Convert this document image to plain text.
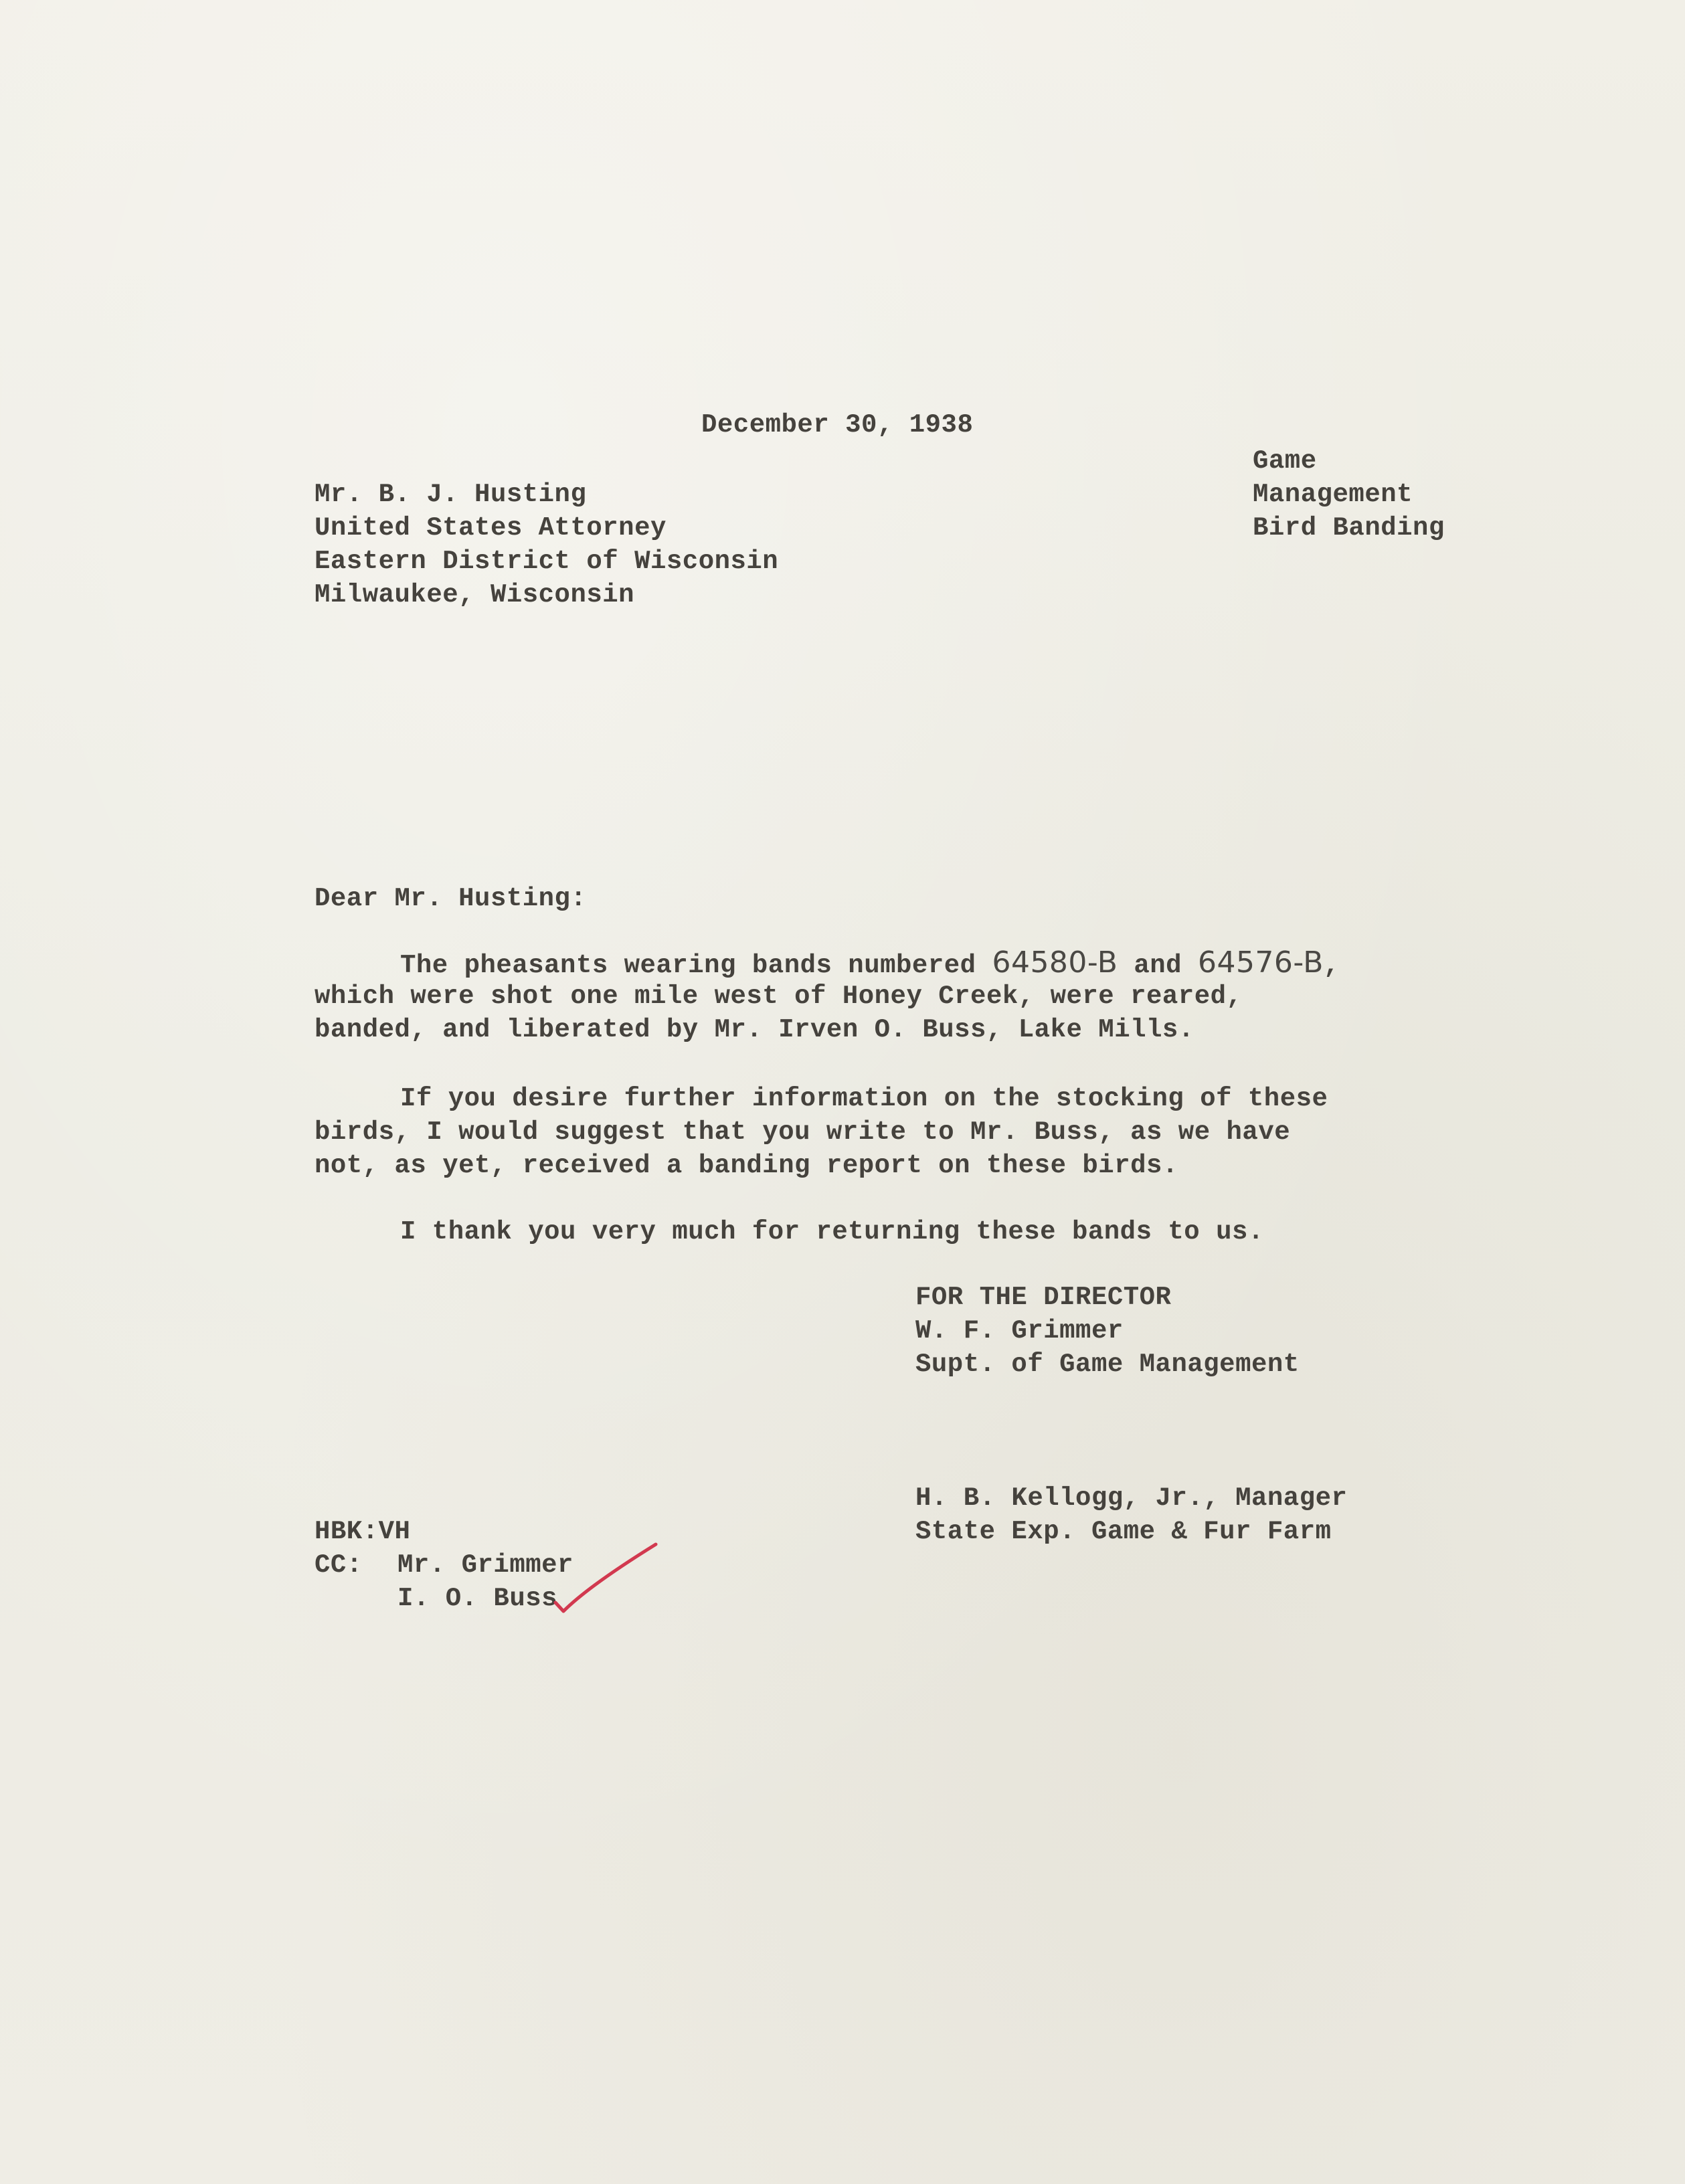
December 30, 1938
Game
Management
Bird Banding
Mr. B. J. Husting
United States Attorney
Eastern District of Wisconsin
Milwaukee, Wisconsin
Dear Mr. Husting:
The pheasants wearing bands numbered 64580-B and 64576-B,
which were shot one mile west of Honey Creek, were reared,
banded, and liberated by Mr. Irven O. Buss, Lake Mills.
If you desire further information on the stocking of these
birds, I would suggest that you write to Mr. Buss, as we have
not, as yet, received a banding report on these birds.
I thank you very much for returning these bands to us.
FOR THE DIRECTOR
W. F. Grimmer
Supt. of Game Management
H. B. Kellogg, Jr., Manager
State Exp. Game & Fur Farm
HBK:VH
CC: Mr. Grimmer
I. O. Buss
